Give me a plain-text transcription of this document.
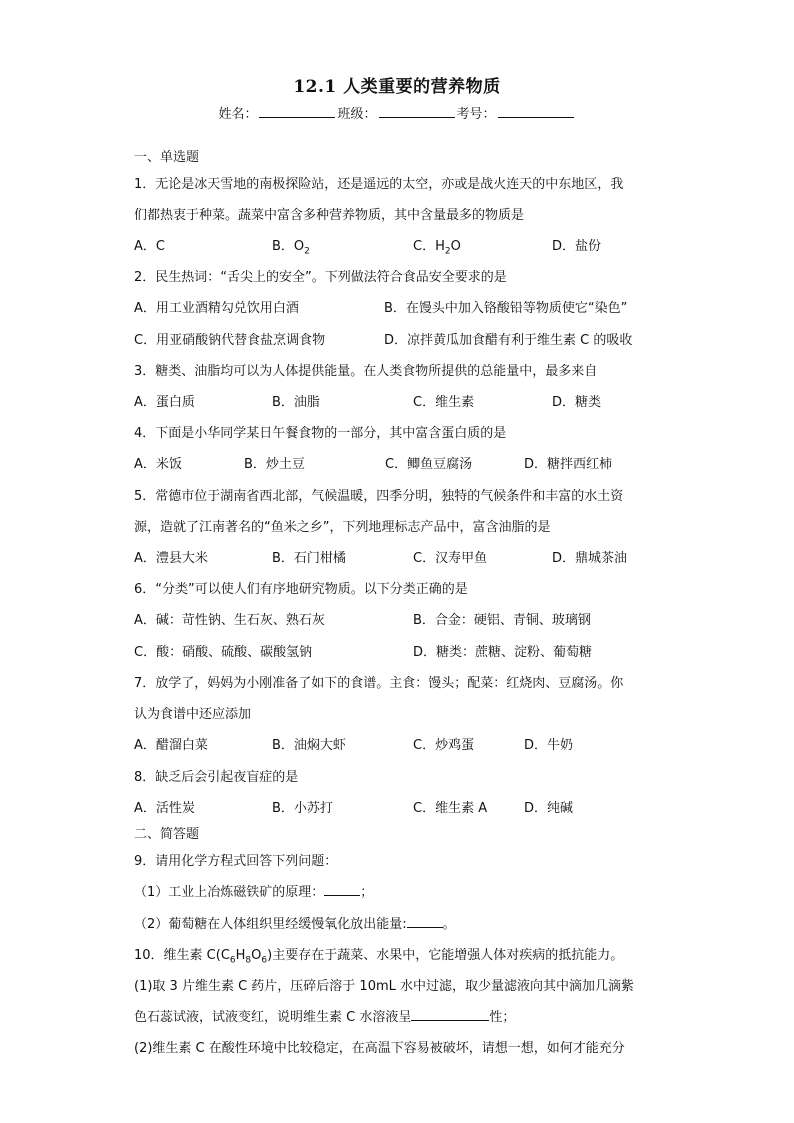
12.1 人类重要的营养物质
姓名：	班级：	考号：
一、单选题
1．无论是冰天雪地的南极探险站，还是遥远的太空，亦或是战火连天的中东地区，我
们都热衷于种菜。蔬菜中富含多种营养物质，其中含量最多的物质是
A．C	B．$O_2$	C．$H_2O$	D．盐份
2．民生热词：“舌尖上的安全”。下列做法符合食品安全要求的是
A．用工业酒精勾兑饮用白酒	B．在馒头中加入铬酸铅等物质使它“染色”
C．用亚硝酸钠代替食盐烹调食物	D．凉拌黄瓜加食醋有利于维生素 C 的吸收
3．糖类、油脂均可以为人体提供能量。在人类食物所提供的总能量中，最多来自
A．蛋白质	B．油脂	C．维生素	D．糖类
4．下面是小华同学某日午餐食物的一部分，其中富含蛋白质的是
A．米饭	B．炒土豆	C．鲫鱼豆腐汤	D．糖拌西红柿
5．常德市位于湖南省西北部，气候温暖，四季分明，独特的气候条件和丰富的水土资
源，造就了江南著名的“鱼米之乡”，下列地理标志产品中，富含油脂的是
A．澧县大米	B．石门柑橘	C．汉寿甲鱼	D．鼎城茶油
6．“分类”可以使人们有序地研究物质。以下分类正确的是
A．碱：苛性钠、生石灰、熟石灰	B．合金：硬铝、青铜、玻璃钢
C．酸：硝酸、硫酸、碳酸氢钠	D．糖类：蔗糖、淀粉、葡萄糖
7．放学了，妈妈为小刚准备了如下的食谱。主食：馒头；配菜：红烧肉、豆腐汤。你
认为食谱中还应添加
A．醋溜白菜	B．油焖大虾	C．炒鸡蛋	D．牛奶
8．缺乏后会引起夜盲症的是
A．活性炭	B．小苏打	C．维生素 A	D．纯碱
二、简答题
9．请用化学方程式回答下列问题：
（1）工业上冶炼磁铁矿的原理：	；
（2）葡萄糖在人体组织里经缓慢氧化放出能量:	。
10．维生素 $C(C_6H_8O_6)$主要存在于蔬菜、水果中，它能增强人体对疾病的抵抗能力。
(1)取 3 片维生素 C 药片，压碎后溶于 10mL 水中过滤，取少量滤液向其中滴加几滴紫
色石蕊试液，试液变红，说明维生素 C 水溶液呈	性；
(2)维生素 C 在酸性环境中比较稳定，在高温下容易被破坏，请想一想，如何才能充分
